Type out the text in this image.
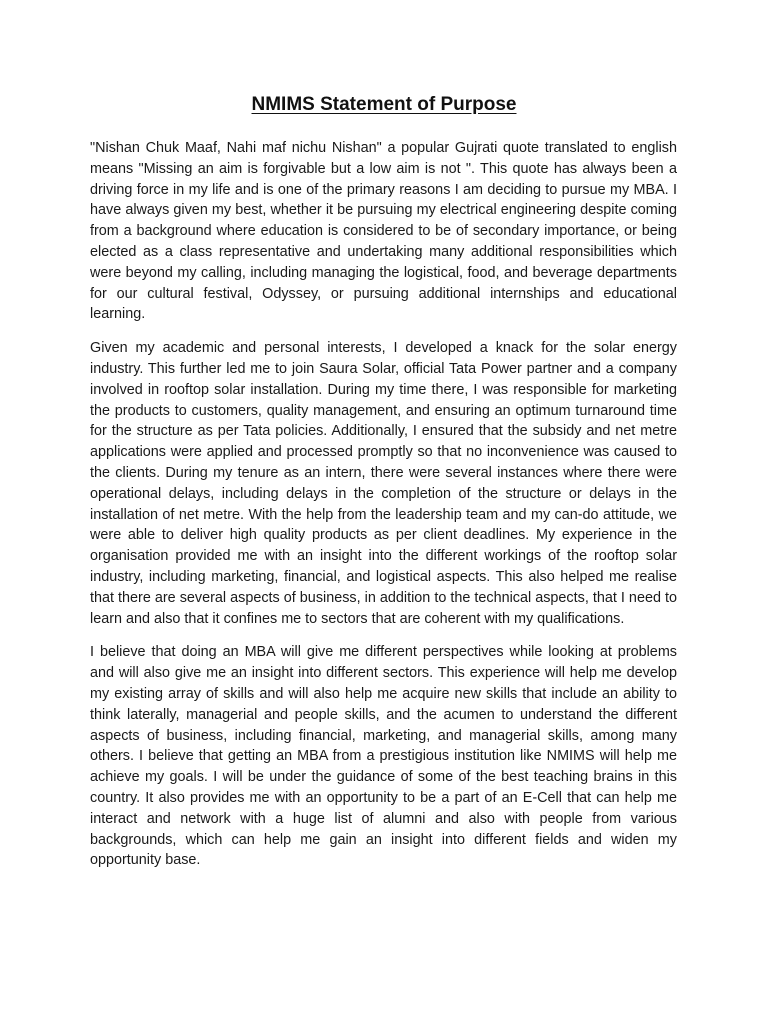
NMIMS Statement of Purpose

"Nishan Chuk Maaf, Nahi maf nichu Nishan" a popular Gujrati quote translated to english means "Missing an aim is forgivable but a low aim is not ". This quote has always been a driving force in my life and is one of the primary reasons I am deciding to pursue my MBA. I have always given my best, whether it be pursuing my electrical engineering despite coming from a background where education is considered to be of secondary importance, or being elected as a class representative and undertaking many additional responsibilities which were beyond my calling, including managing the logistical, food, and beverage departments for our cultural festival, Odyssey, or pursuing additional internships and educational learning.

Given my academic and personal interests, I developed a knack for the solar energy industry. This further led me to join Saura Solar, official Tata Power partner and a company involved in rooftop solar installation. During my time there, I was responsible for marketing the products to customers, quality management, and ensuring an optimum turnaround time for the structure as per Tata policies. Additionally, I ensured that the subsidy and net metre applications were applied and processed promptly so that no inconvenience was caused to the clients. During my tenure as an intern, there were several instances where there were operational delays, including delays in the completion of the structure or delays in the installation of net metre. With the help from the leadership team and my can-do attitude, we were able to deliver high quality products as per client deadlines. My experience in the organisation provided me with an insight into the different workings of the rooftop solar industry, including marketing, financial, and logistical aspects. This also helped me realise that there are several aspects of business, in addition to the technical aspects, that I need to learn and also that it confines me to sectors that are coherent with my qualifications.

I believe that doing an MBA will give me different perspectives while looking at problems and will also give me an insight into different sectors. This experience will help me develop my existing array of skills and will also help me acquire new skills that include an ability to think laterally, managerial and people skills, and the acumen to understand the different aspects of business, including financial, marketing, and managerial skills, among many others. I believe that getting an MBA from a prestigious institution like NMIMS will help me achieve my goals. I will be under the guidance of some of the best teaching brains in this country. It also provides me with an opportunity to be a part of an E-Cell that can help me interact and network with a huge list of alumni and also with people from various backgrounds, which can help me gain an insight into different fields and widen my opportunity base.
